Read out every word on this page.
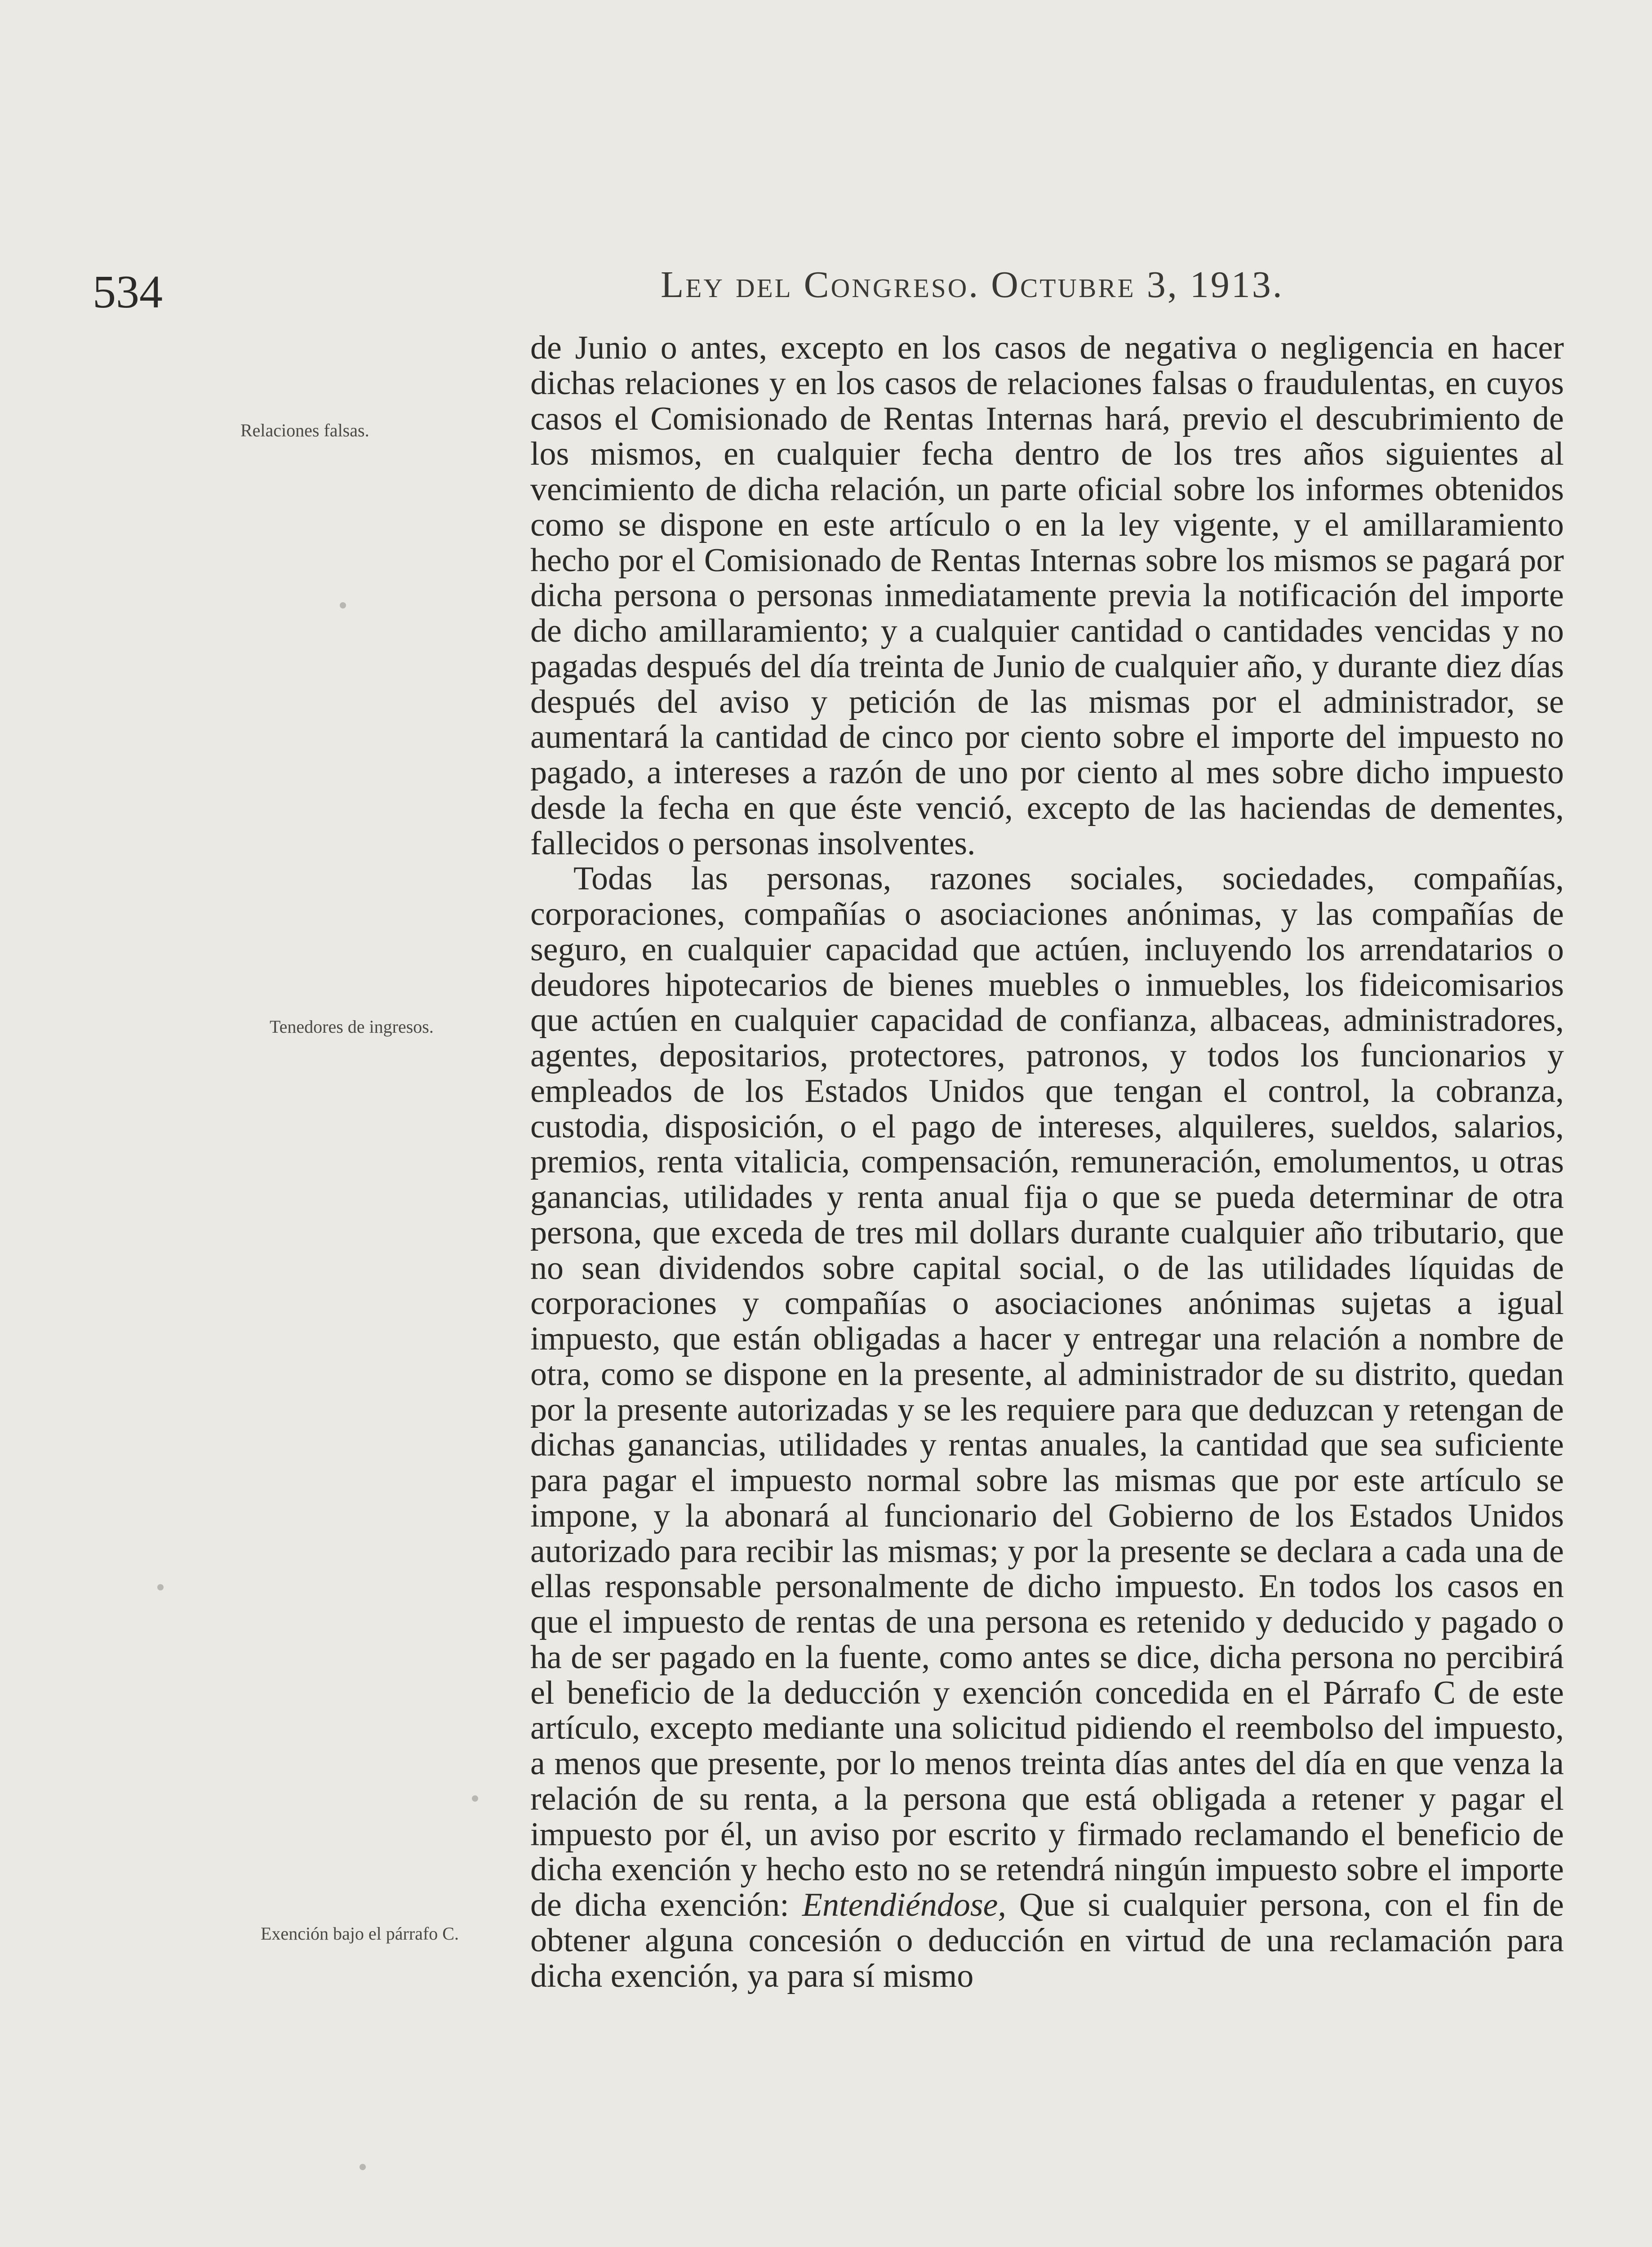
534	Ley del Congreso. Octubre 3, 1913.
Relaciones falsas.
Tenedores de ingresos.
Exención bajo el párrafo C.

de Junio o antes, excepto en los casos de negativa o negligencia en hacer dichas relaciones y en los casos de relaciones falsas o fraudulentas, en cuyos casos el Comisionado de Rentas Internas hará, previo el descubrimiento de los mismos, en cualquier fecha dentro de los tres años siguientes al vencimiento de dicha relación, un parte oficial sobre los informes obtenidos como se dispone en este artículo o en la ley vigente, y el amillaramiento hecho por el Comisionado de Rentas Internas sobre los mismos se pagará por dicha persona o personas inmediatamente previa la notificación del importe de dicho amillaramiento; y a cualquier cantidad o cantidades vencidas y no pagadas después del día treinta de Junio de cualquier año, y durante diez días después del aviso y petición de las mismas por el administrador, se aumentará la cantidad de cinco por ciento sobre el importe del impuesto no pagado, a intereses a razón de uno por ciento al mes sobre dicho impuesto desde la fecha en que éste venció, excepto de las haciendas de dementes, fallecidos o personas insolventes.

Todas las personas, razones sociales, sociedades, compañías, corporaciones, compañías o asociaciones anónimas, y las compañías de seguro, en cualquier capacidad que actúen, incluyendo los arrendatarios o deudores hipotecarios de bienes muebles o inmuebles, los fideicomisarios que actúen en cualquier capacidad de confianza, albaceas, administradores, agentes, depositarios, protectores, patronos, y todos los funcionarios y empleados de los Estados Unidos que tengan el control, la cobranza, custodia, disposición, o el pago de intereses, alquileres, sueldos, salarios, premios, renta vitalicia, compensación, remuneración, emolumentos, u otras ganancias, utilidades y renta anual fija o que se pueda determinar de otra persona, que exceda de tres mil dollars durante cualquier año tributario, que no sean dividendos sobre capital social, o de las utilidades líquidas de corporaciones y compañías o asociaciones anónimas sujetas a igual impuesto, que están obligadas a hacer y entregar una relación a nombre de otra, como se dispone en la presente, al administrador de su distrito, quedan por la presente autorizadas y se les requiere para que deduzcan y retengan de dichas ganancias, utilidades y rentas anuales, la cantidad que sea suficiente para pagar el impuesto normal sobre las mismas que por este artículo se impone, y la abonará al funcionario del Gobierno de los Estados Unidos autorizado para recibir las mismas; y por la presente se declara a cada una de ellas responsable personalmente de dicho impuesto. En todos los casos en que el impuesto de rentas de una persona es retenido y deducido y pagado o ha de ser pagado en la fuente, como antes se dice, dicha persona no percibirá el beneficio de la deducción y exención concedida en el Párrafo C de este artículo, excepto mediante una solicitud pidiendo el reembolso del impuesto, a menos que presente, por lo menos treinta días antes del día en que venza la relación de su renta, a la persona que está obligada a retener y pagar el impuesto por él, un aviso por escrito y firmado reclamando el beneficio de dicha exención y hecho esto no se retendrá ningún impuesto sobre el importe de dicha exención: Entendiéndose, Que si cualquier persona, con el fin de obtener alguna concesión o deducción en virtud de una reclamación para dicha exención, ya para sí mismo
